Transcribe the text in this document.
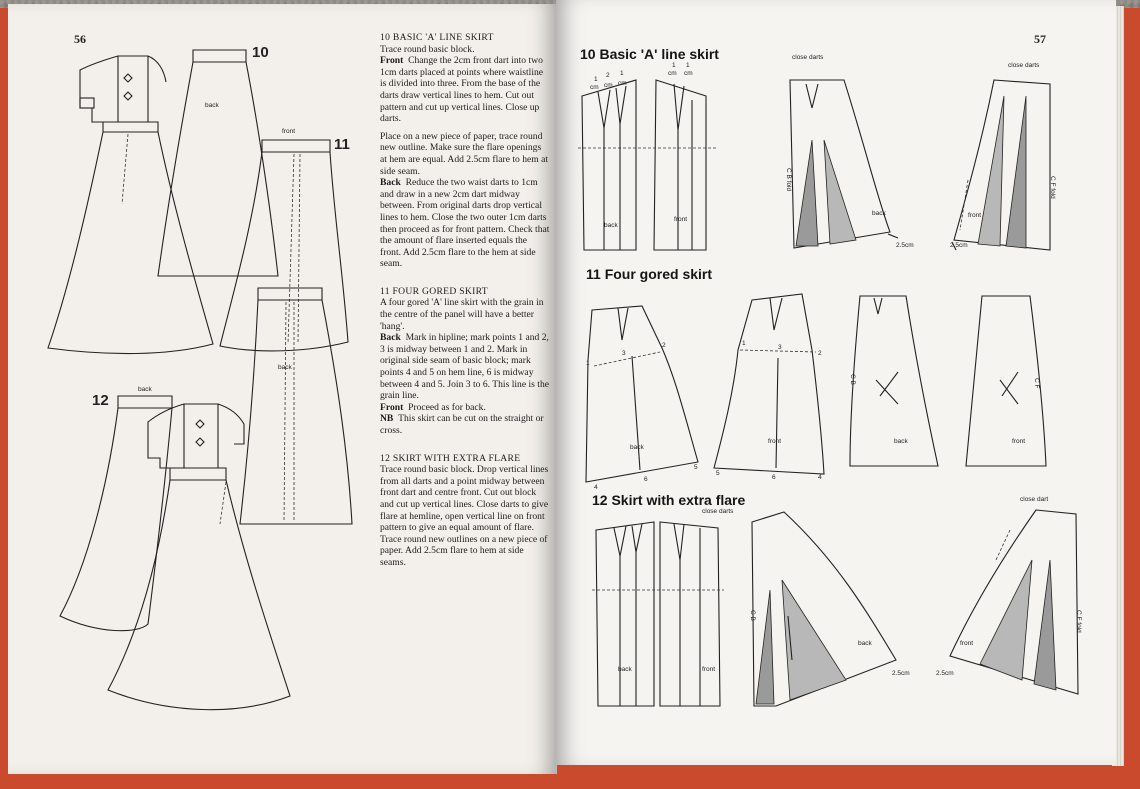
56
10
11
12
back
front
back
back

10 BASIC 'A' LINE SKIRT
Trace round basic block.
Front Change the 2cm front dart into two 1cm darts placed at points where waistline is divided into three. From the base of the darts draw vertical lines to hem. Cut out pattern and cut up vertical lines. Close up darts.

Place on a new piece of paper, trace round new outline. Make sure the flare openings at hem are equal. Add 2.5cm flare to hem at side seam.
Back Reduce the two waist darts to 1cm and draw in a new 2cm dart midway between. From original darts drop vertical lines to hem. Close the two outer 1cm darts then proceed as for front pattern. Check that the amount of flare inserted equals the front. Add 2.5cm flare to the hem at side seam.

11 FOUR GORED SKIRT
A four gored 'A' line skirt with the grain in the centre of the panel will have a better 'hang'.
Back Mark in hipline; mark points 1 and 2, 3 is midway between 1 and 2. Mark in original side seam of basic block; mark points 4 and 5 on hem line, 6 is midway between 4 and 5. Join 3 to 6. This line is the grain line.
Front Proceed as for back.
NB This skirt can be cut on the straight or cross.

12 SKIRT WITH EXTRA FLARE
Trace round basic block. Drop vertical lines from all darts and a point midway between front dart and centre front. Cut out block and cut up vertical lines. Close darts to give flare at hemline, open vertical line on front pattern to give an equal amount of flare. Trace round new outlines on a new piece of paper. Add 2.5cm flare to hem at side seams.

57
10 Basic 'A' line skirt
11 Four gored skirt
12 Skirt with extra flare
close darts
close darts
1
2 1
cm cm cm
1 1
cm cm
back
front
C B fold
back
2.5cm
front
2.5cm
C F fold
3
2
1
back
4
6
5
1
3
2
front
5
6	4
C B
back
C F
front
close darts
close dart
back	front
C B
back
2.5cm
front
2.5cm
C F fold
